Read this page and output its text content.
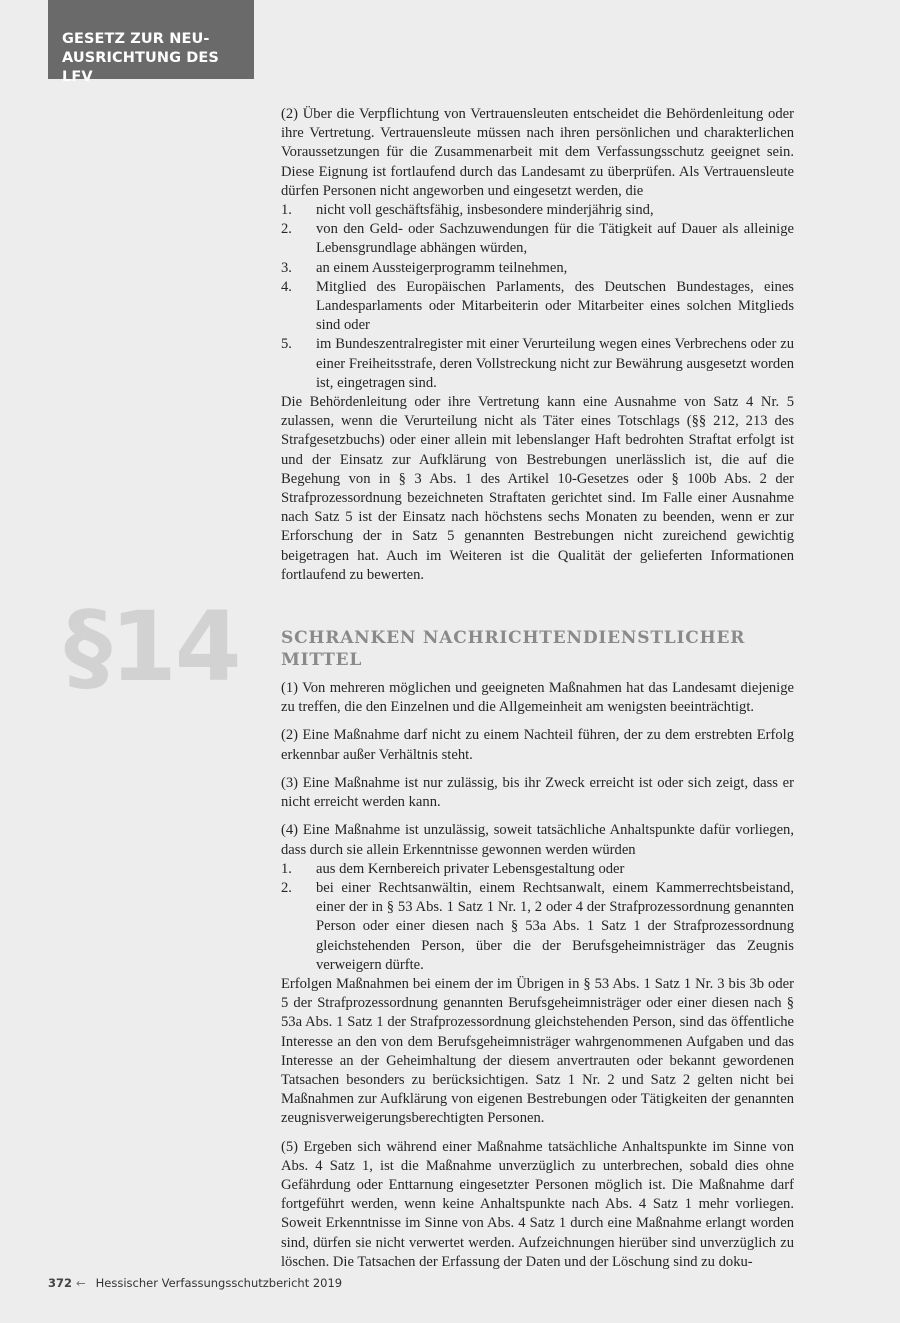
GESETZ ZUR NEU-
AUSRICHTUNG DES LFV
§14

(2) Über die Verpflichtung von Vertrauensleuten entscheidet die Behördenleitung oder ihre Vertretung. Vertrauensleute müssen nach ihren persönlichen und charakterlichen Voraussetzungen für die Zusammenarbeit mit dem Verfassungsschutz geeignet sein. Diese Eignung ist fortlaufend durch das Landesamt zu überprüfen. Als Vertrauensleute dürfen Personen nicht angeworben und eingesetzt werden, die

1. nicht voll geschäftsfähig, insbesondere minderjährig sind,
2. von den Geld- oder Sachzuwendungen für die Tätigkeit auf Dauer als alleinige Lebensgrundlage abhängen würden,
3. an einem Aussteigerprogramm teilnehmen,
4. Mitglied des Europäischen Parlaments, des Deutschen Bundestages, eines Landesparlaments oder Mitarbeiterin oder Mitarbeiter eines solchen Mitglieds sind oder
5. im Bundeszentralregister mit einer Verurteilung wegen eines Verbrechens oder zu einer Freiheitsstrafe, deren Vollstreckung nicht zur Bewährung ausgesetzt worden ist, eingetragen sind.

Die Behördenleitung oder ihre Vertretung kann eine Ausnahme von Satz 4 Nr. 5 zulassen, wenn die Verurteilung nicht als Täter eines Totschlags (§§ 212, 213 des Strafgesetzbuchs) oder einer allein mit lebenslanger Haft bedrohten Straftat erfolgt ist und der Einsatz zur Aufklärung von Bestrebungen unerlässlich ist, die auf die Begehung von in § 3 Abs. 1 des Artikel 10-Gesetzes oder § 100b Abs. 2 der Strafprozessordnung bezeichneten Straftaten gerichtet sind. Im Falle einer Ausnahme nach Satz 5 ist der Einsatz nach höchstens sechs Monaten zu beenden, wenn er zur Erforschung der in Satz 5 genannten Bestrebungen nicht zureichend gewichtig beigetragen hat. Auch im Weiteren ist die Qualität der gelieferten Informationen fortlaufend zu bewerten.

SCHRANKEN NACHRICHTENDIENSTLICHER MITTEL

(1) Von mehreren möglichen und geeigneten Maßnahmen hat das Landesamt diejenige zu treffen, die den Einzelnen und die Allgemeinheit am wenigsten beeinträchtigt.

(2) Eine Maßnahme darf nicht zu einem Nachteil führen, der zu dem erstrebten Erfolg erkennbar außer Verhältnis steht.

(3) Eine Maßnahme ist nur zulässig, bis ihr Zweck erreicht ist oder sich zeigt, dass er nicht erreicht werden kann.

(4) Eine Maßnahme ist unzulässig, soweit tatsächliche Anhaltspunkte dafür vorliegen, dass durch sie allein Erkenntnisse gewonnen werden würden

1. aus dem Kernbereich privater Lebensgestaltung oder
2. bei einer Rechtsanwältin, einem Rechtsanwalt, einem Kammerrechtsbeistand, einer der in § 53 Abs. 1 Satz 1 Nr. 1, 2 oder 4 der Strafprozessordnung genannten Person oder einer diesen nach § 53a Abs. 1 Satz 1 der Strafprozessordnung gleichstehenden Person, über die der Berufsgeheimnisträger das Zeugnis verweigern dürfte.

Erfolgen Maßnahmen bei einem der im Übrigen in § 53 Abs. 1 Satz 1 Nr. 3 bis 3b oder 5 der Strafprozessordnung genannten Berufsgeheimnisträger oder einer diesen nach § 53a Abs. 1 Satz 1 der Strafprozessordnung gleichstehenden Person, sind das öffentliche Interesse an den von dem Berufsgeheimnisträger wahrgenommenen Aufgaben und das Interesse an der Geheimhaltung der diesem anvertrauten oder bekannt gewordenen Tatsachen besonders zu berücksichtigen. Satz 1 Nr. 2 und Satz 2 gelten nicht bei Maßnahmen zur Aufklärung von eigenen Bestrebungen oder Tätigkeiten der genannten zeugnisverweigerungsberechtigten Personen.

(5) Ergeben sich während einer Maßnahme tatsächliche Anhaltspunkte im Sinne von Abs. 4 Satz 1, ist die Maßnahme unverzüglich zu unterbrechen, sobald dies ohne Gefährdung oder Enttarnung eingesetzter Personen möglich ist. Die Maßnahme darf fortgeführt werden, wenn keine Anhaltspunkte nach Abs. 4 Satz 1 mehr vorliegen. Soweit Erkenntnisse im Sinne von Abs. 4 Satz 1 durch eine Maßnahme erlangt worden sind, dürfen sie nicht verwertet werden. Aufzeichnungen hierüber sind unverzüglich zu löschen. Die Tatsachen der Erfassung der Daten und der Löschung sind zu doku-

372 ← Hessischer Verfassungsschutzbericht 2019
